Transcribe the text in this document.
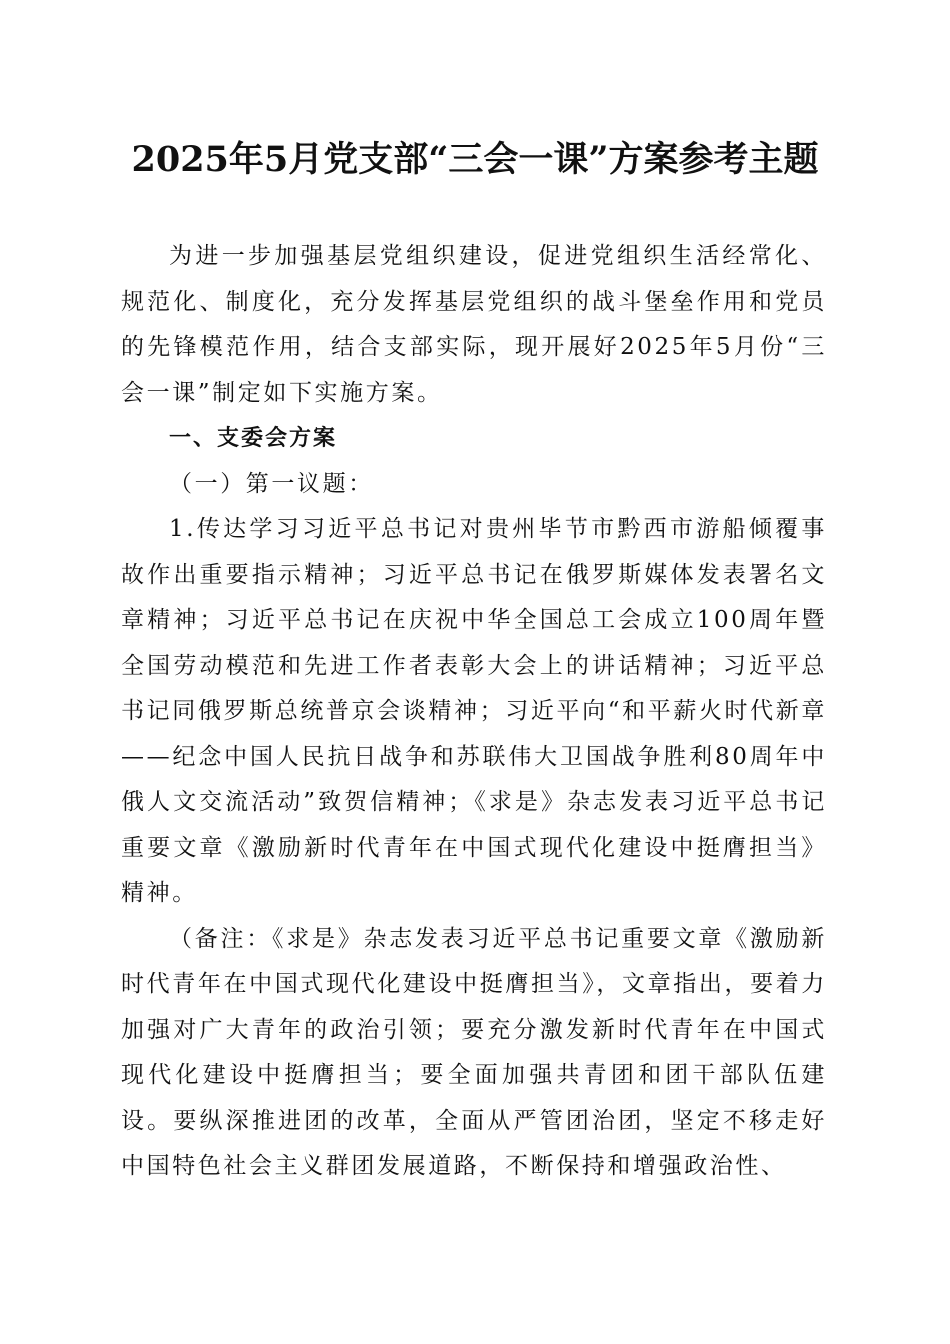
2025年5月党支部“三会一课”方案参考主题

为进一步加强基层党组织建设，促进党组织生活经常化、规范化、制度化，充分发挥基层党组织的战斗堡垒作用和党员的先锋模范作用，结合支部实际，现开展好2025年5月份“三会一课”制定如下实施方案。

一、支委会方案

（一）第一议题：

1.传达学习习近平总书记对贵州毕节市黔西市游船倾覆事故作出重要指示精神；习近平总书记在俄罗斯媒体发表署名文章精神；习近平总书记在庆祝中华全国总工会成立100周年暨全国劳动模范和先进工作者表彰大会上的讲话精神；习近平总书记同俄罗斯总统普京会谈精神；习近平向“和平薪火时代新章——纪念中国人民抗日战争和苏联伟大卫国战争胜利80周年中俄人文交流活动”致贺信精神；《求是》杂志发表习近平总书记重要文章《激励新时代青年在中国式现代化建设中挺膺担当》精神。

（备注：《求是》杂志发表习近平总书记重要文章《激励新时代青年在中国式现代化建设中挺膺担当》，文章指出，要着力加强对广大青年的政治引领；要充分激发新时代青年在中国式现代化建设中挺膺担当；要全面加强共青团和团干部队伍建设。要纵深推进团的改革，全面从严管团治团，坚定不移走好中国特色社会主义群团发展道路，不断保持和增强政治性、
